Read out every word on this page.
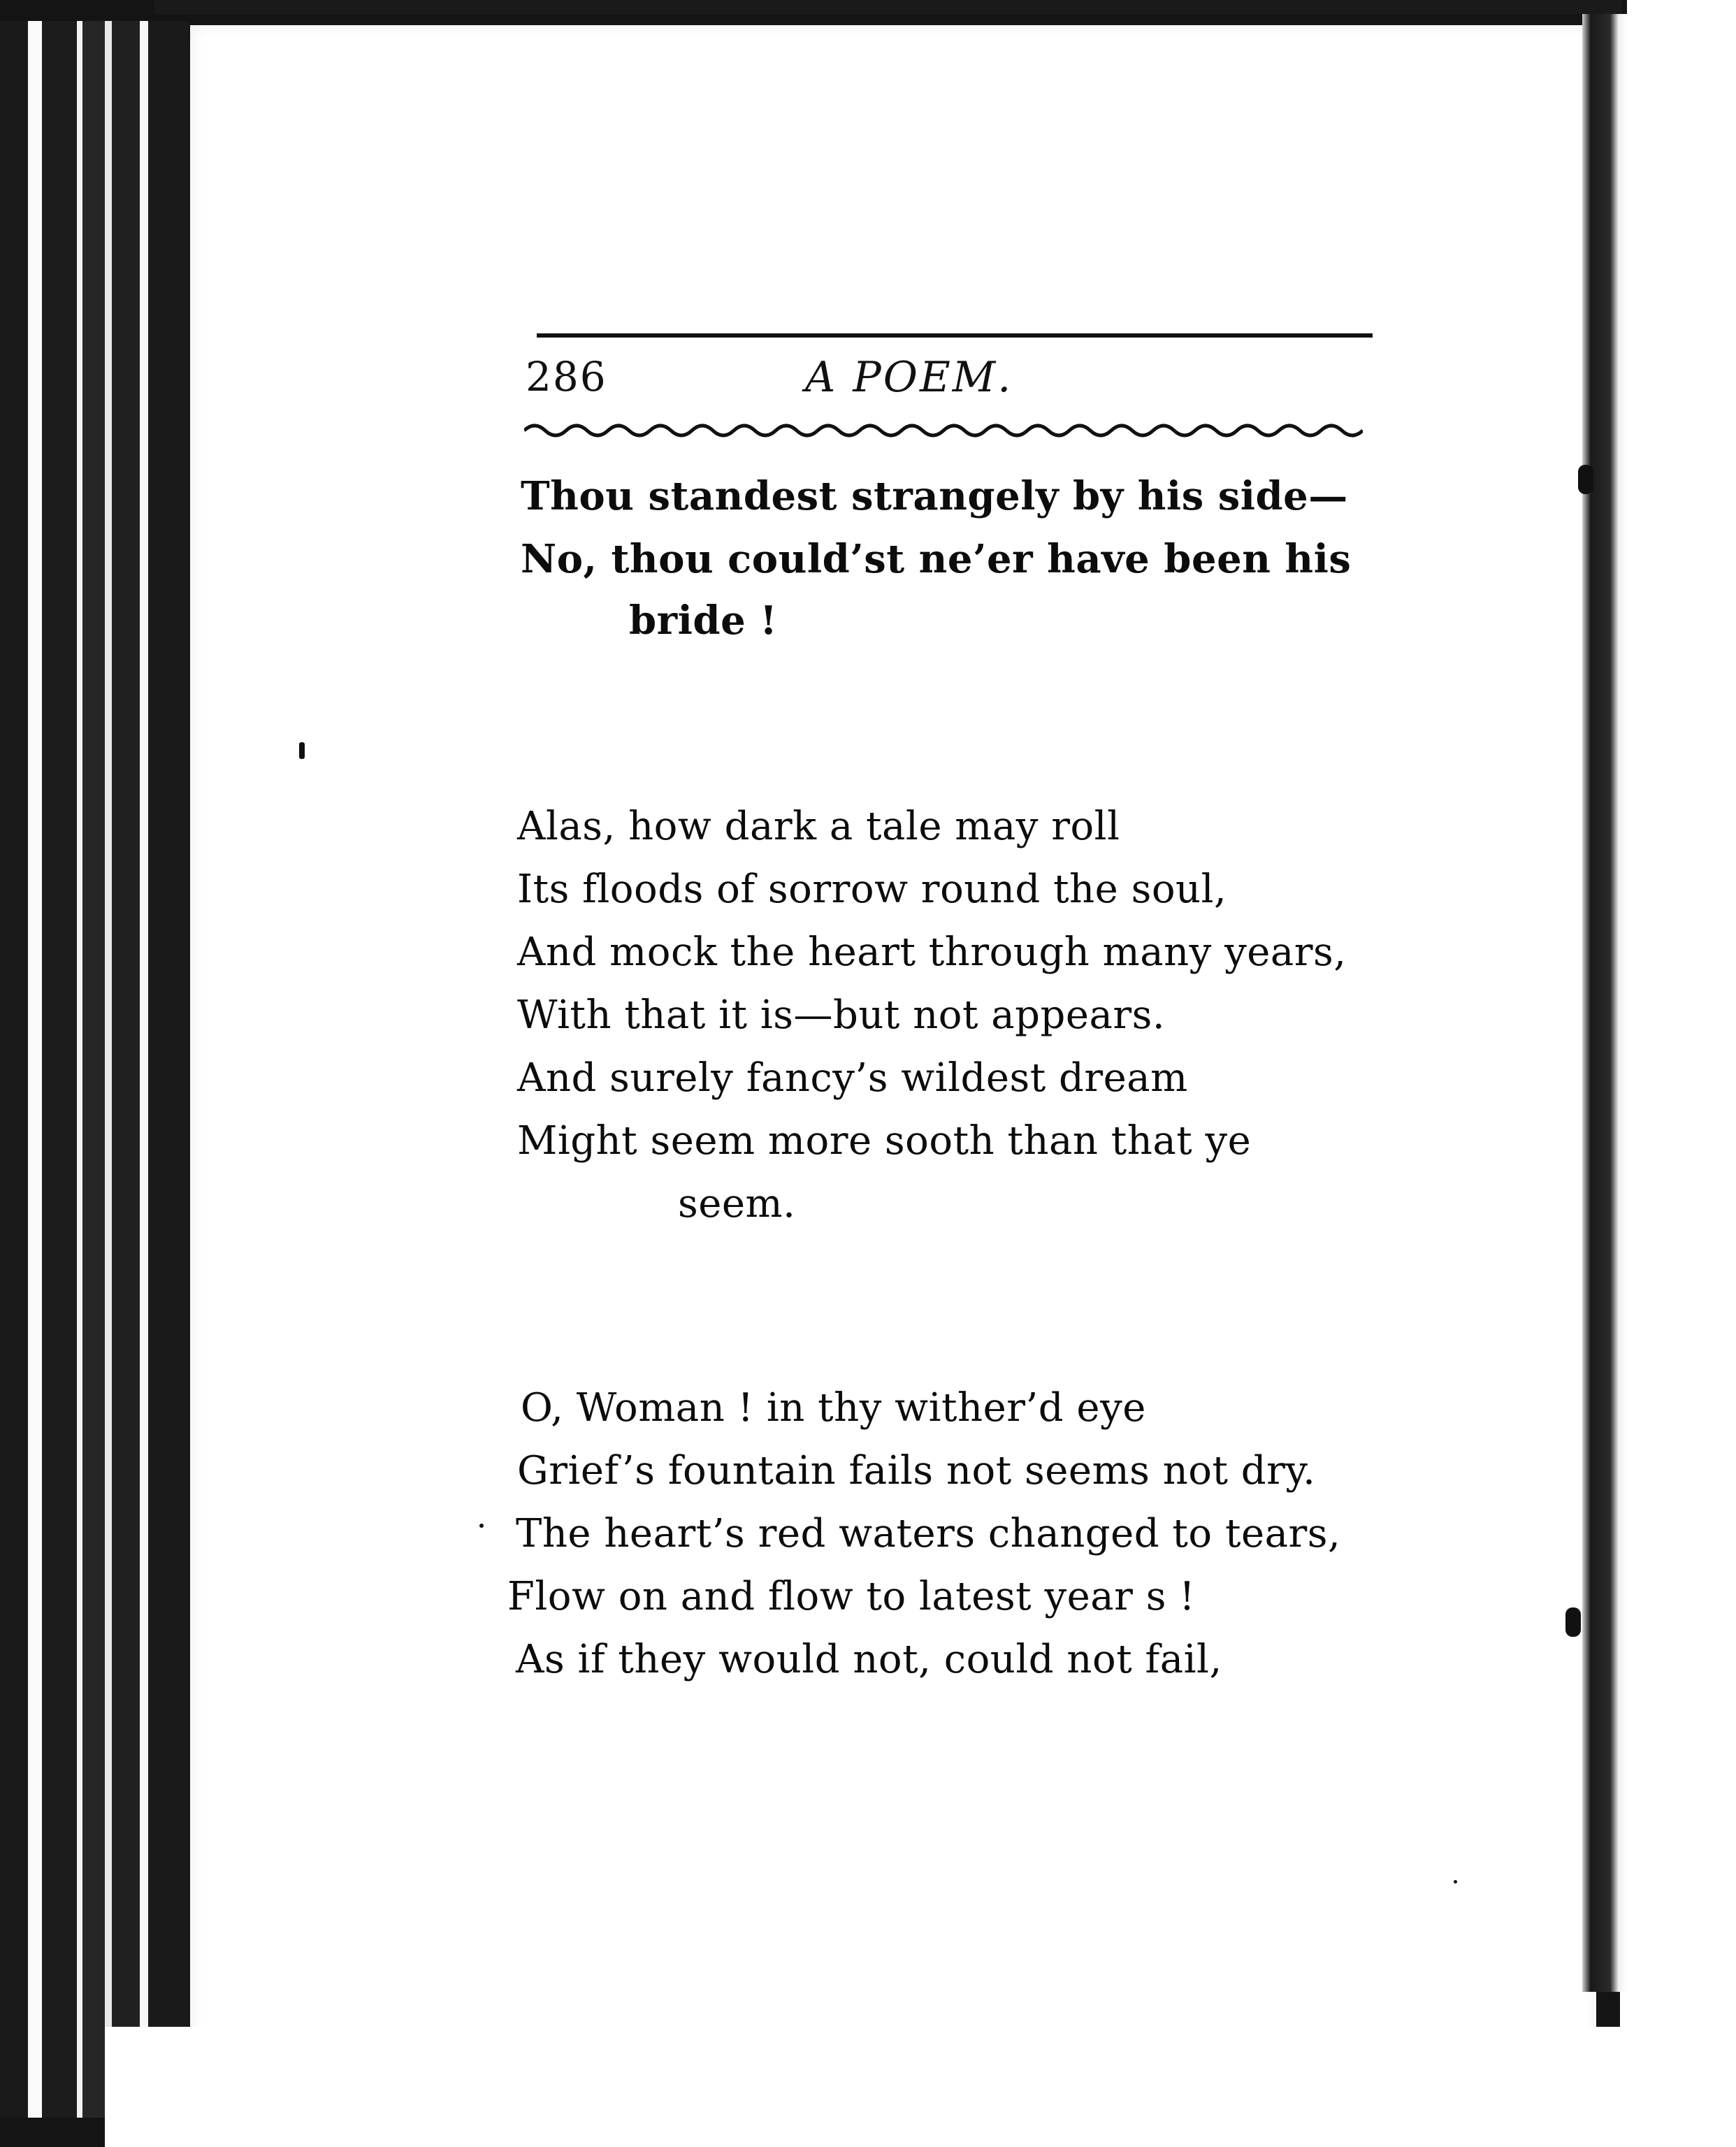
286	A POEM.
Thou standest strangely by his side—
No, thou could’st ne’er have been his
bride !
Alas, how dark a tale may roll
Its floods of sorrow round the soul,
And mock the heart through many years,
With that it is—but not appears.
And surely fancy’s wildest dream
Might seem more sooth than that ye
seem.
O, Woman ! in thy wither’d eye
Grief’s fountain fails not seems not dry.
The heart’s red waters changed to tears,
Flow on and flow to latest year s !
As if they would not, could not fail,
